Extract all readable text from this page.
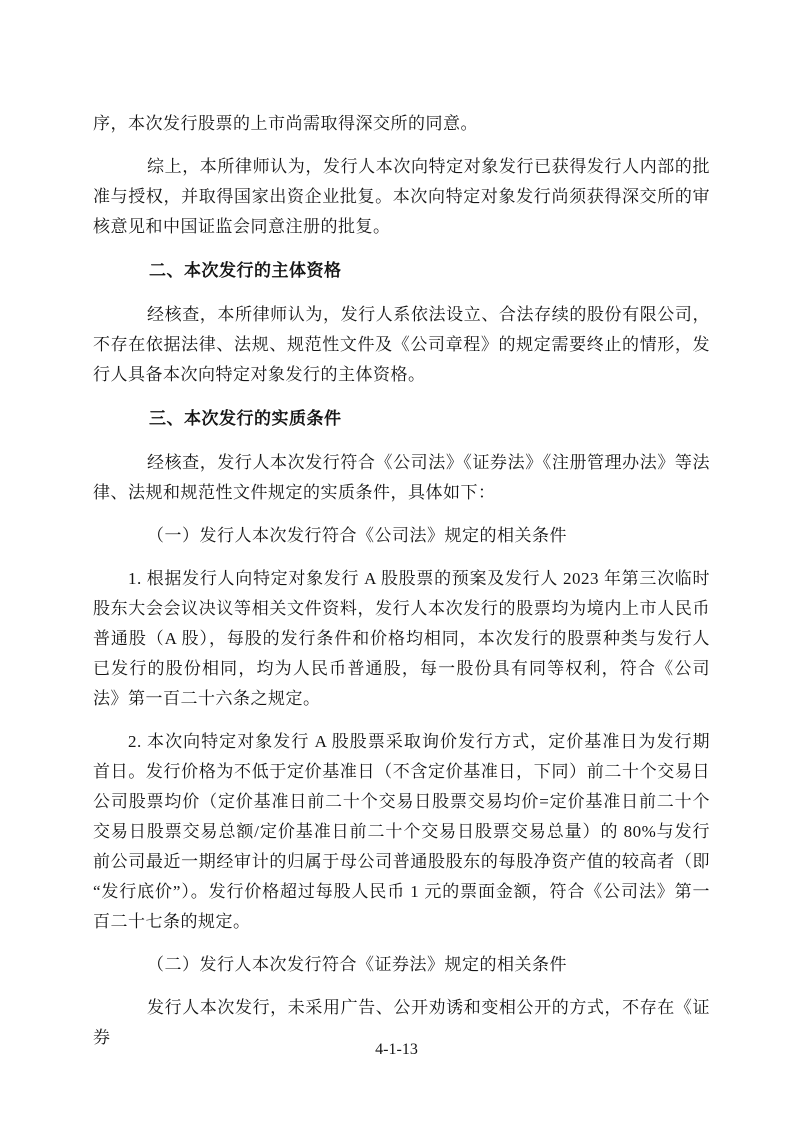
序，本次发行股票的上市尚需取得深交所的同意。

综上，本所律师认为，发行人本次向特定对象发行已获得发行人内部的批准与授权，并取得国家出资企业批复。本次向特定对象发行尚须获得深交所的审核意见和中国证监会同意注册的批复。

二、本次发行的主体资格

经核查，本所律师认为，发行人系依法设立、合法存续的股份有限公司，不存在依据法律、法规、规范性文件及《公司章程》的规定需要终止的情形，发行人具备本次向特定对象发行的主体资格。

三、本次发行的实质条件

经核查，发行人本次发行符合《公司法》《证券法》《注册管理办法》等法律、法规和规范性文件规定的实质条件，具体如下：

（一）发行人本次发行符合《公司法》规定的相关条件

1. 根据发行人向特定对象发行 A 股股票的预案及发行人 2023 年第三次临时股东大会会议决议等相关文件资料，发行人本次发行的股票均为境内上市人民币普通股（A 股），每股的发行条件和价格均相同，本次发行的股票种类与发行人已发行的股份相同，均为人民币普通股，每一股份具有同等权利，符合《公司法》第一百二十六条之规定。

2. 本次向特定对象发行 A 股股票采取询价发行方式，定价基准日为发行期首日。发行价格为不低于定价基准日（不含定价基准日，下同）前二十个交易日公司股票均价（定价基准日前二十个交易日股票交易均价=定价基准日前二十个交易日股票交易总额/定价基准日前二十个交易日股票交易总量）的 80%与发行前公司最近一期经审计的归属于母公司普通股股东的每股净资产值的较高者（即“发行底价”）。发行价格超过每股人民币 1 元的票面金额，符合《公司法》第一百二十七条的规定。

（二）发行人本次发行符合《证券法》规定的相关条件

发行人本次发行，未采用广告、公开劝诱和变相公开的方式，不存在《证券

4-1-13
